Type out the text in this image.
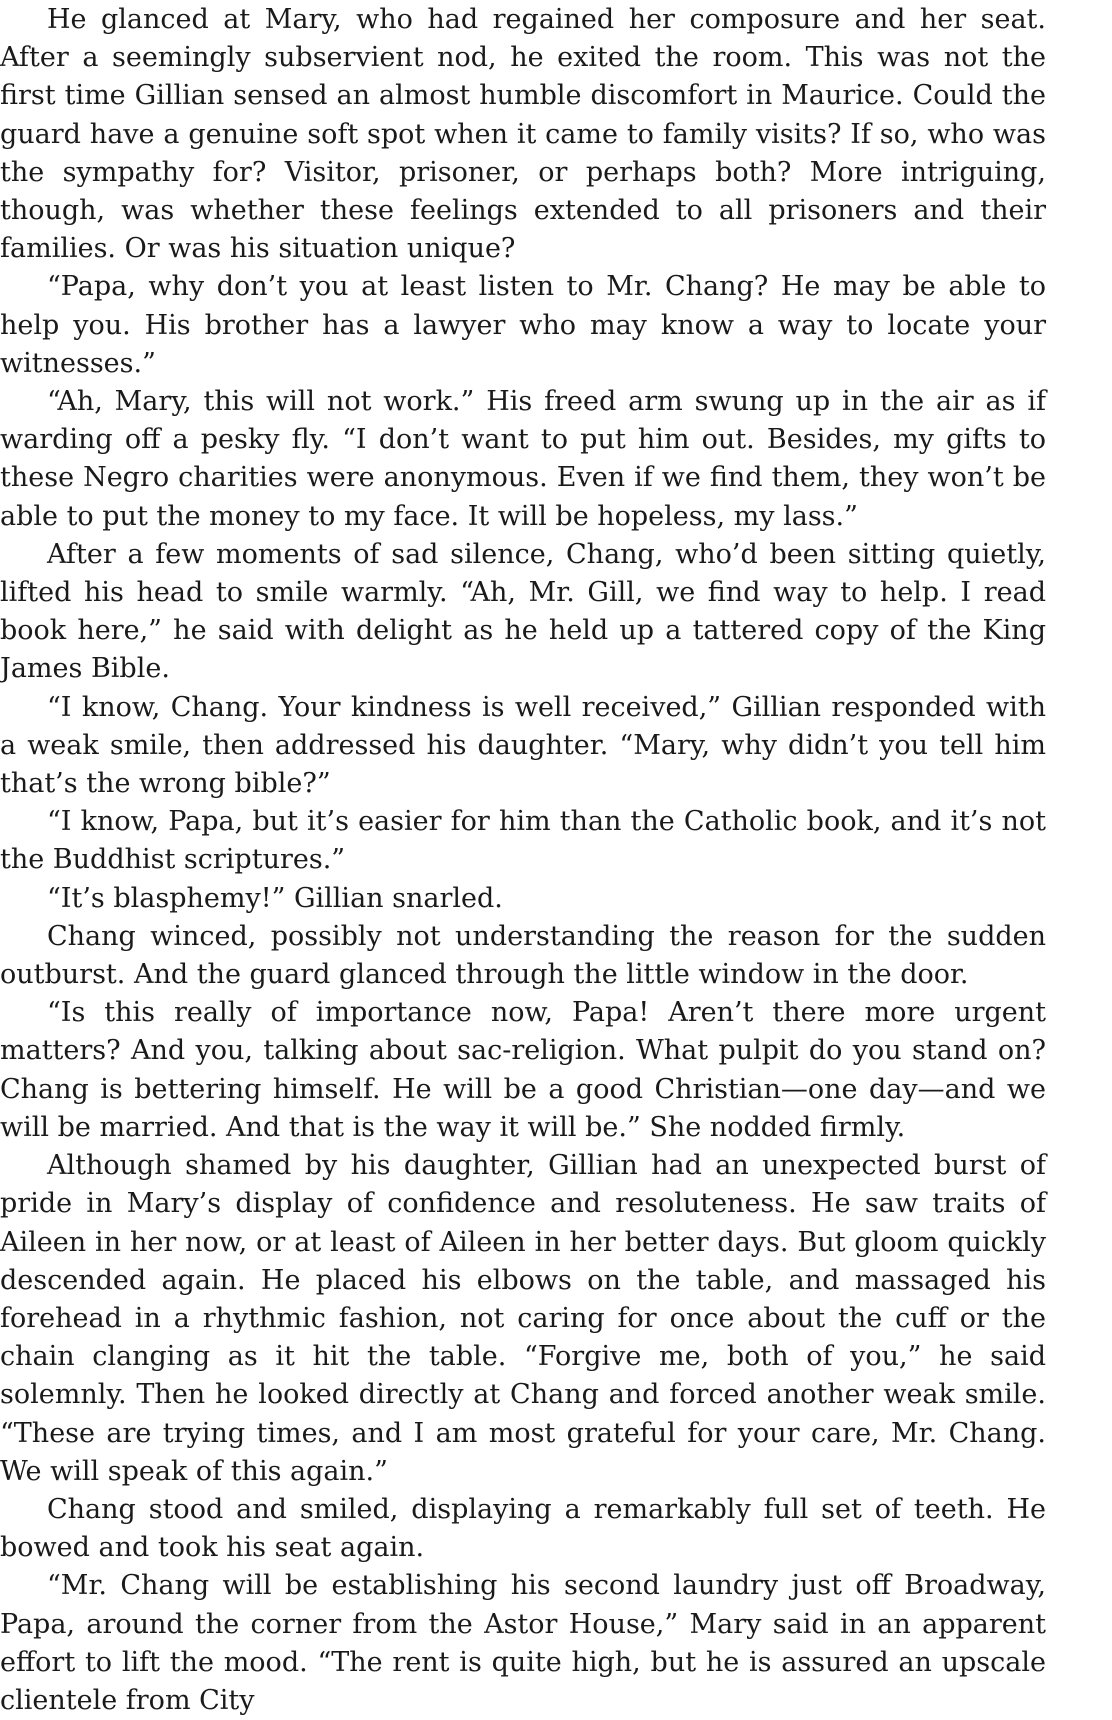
He glanced at Mary, who had regained her composure and her seat. After a seemingly subservient nod, he exited the room. This was not the first time Gillian sensed an almost humble discomfort in Maurice. Could the guard have a genuine soft spot when it came to family visits? If so, who was the sympathy for? Visitor, prisoner, or perhaps both? More intriguing, though, was whether these feelings extended to all prisoners and their families. Or was his situation unique?

“Papa, why don’t you at least listen to Mr. Chang? He may be able to help you. His brother has a lawyer who may know a way to locate your witnesses.”

“Ah, Mary, this will not work.” His freed arm swung up in the air as if warding off a pesky fly. “I don’t want to put him out. Besides, my gifts to these Negro charities were anonymous. Even if we find them, they won’t be able to put the money to my face. It will be hopeless, my lass.”

After a few moments of sad silence, Chang, who’d been sitting quietly, lifted his head to smile warmly. “Ah, Mr. Gill, we find way to help. I read book here,” he said with delight as he held up a tattered copy of the King James Bible.

“I know, Chang. Your kindness is well received,” Gillian responded with a weak smile, then addressed his daughter. “Mary, why didn’t you tell him that’s the wrong bible?”

“I know, Papa, but it’s easier for him than the Catholic book, and it’s not the Buddhist scriptures.”

“It’s blasphemy!” Gillian snarled.

Chang winced, possibly not understanding the reason for the sudden outburst. And the guard glanced through the little window in the door.

“Is this really of importance now, Papa! Aren’t there more urgent matters? And you, talking about sac-religion. What pulpit do you stand on? Chang is bettering himself. He will be a good Christian—one day—and we will be married. And that is the way it will be.” She nodded firmly.

Although shamed by his daughter, Gillian had an unexpected burst of pride in Mary’s display of confidence and resoluteness. He saw traits of Aileen in her now, or at least of Aileen in her better days. But gloom quickly descended again. He placed his elbows on the table, and massaged his forehead in a rhythmic fashion, not caring for once about the cuff or the chain clanging as it hit the table. “Forgive me, both of you,” he said solemnly. Then he looked directly at Chang and forced another weak smile. “These are trying times, and I am most grateful for your care, Mr. Chang. We will speak of this again.”

Chang stood and smiled, displaying a remarkably full set of teeth. He bowed and took his seat again.

“Mr. Chang will be establishing his second laundry just off Broadway, Papa, around the corner from the Astor House,” Mary said in an apparent effort to lift the mood. “The rent is quite high, but he is assured an upscale clientele from City
